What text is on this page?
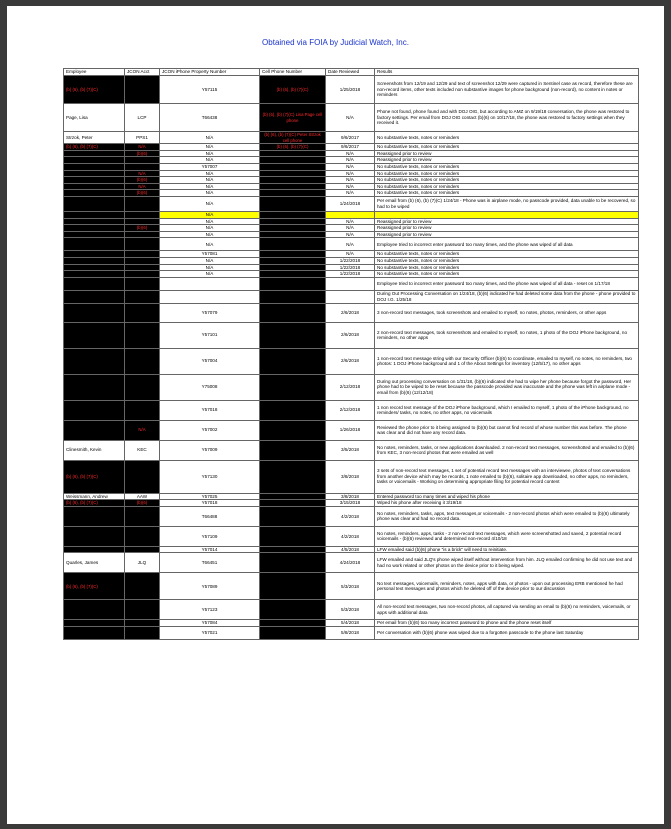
Obtained via FOIA by Judicial Watch, Inc.
Employee	JCON Acct	JCON iPhone Property Number	Cell Phone Number	Date Reviewed	Results
(b) (6), (b) (7)(C)		Y57115	(b) (6), (b) (7)(C)	1/25/2018	Screenshots from 12/19 and 12/29 and text of screenshot 12/29 were captured in Sentinel case as record, therefore these are non-record items, other texts included non substantive images for phone background (non-record), no content in notes or reminders
Page, Lisa	LCP	T66438	(b) (6), (b) (7)(C) Lisa Page cell phone	N/A	Phone not found, phone found and with DOJ OIG, but according to AMZ on 9/19/18 conversation, the phone was restored to factory settings. Per email from DOJ OIG contact (b)(6) on 10/17/18, the phone was restored to factory settings when they received it.
Strzok, Peter	PPS1	N/A	(b) (6), (b) (7)(C) Peter Strzok cell phone	9/6/2017	No substantive texts, notes or reminders
(b) (6), (b) (7)(C)	N/A	N/A	(b) (6), (b) (7)(C)	9/6/2017	No substantive texts, notes or reminders
	(b)(6)	N/A		N/A	Reassigned prior to review
		N/A		N/A	Reassigned prior to review
		Y57007		N/A	No substantive texts, notes or reminders
	N/A	N/A		N/A	No substantive texts, notes or reminders
	(b)(6)	N/A		N/A	No substantive texts, notes or reminders
	N/A	N/A		N/A	No substantive texts, notes or reminders
	(b)(6)	N/A		N/A	No substantive texts, notes or reminders
		N/A		1/24/2018	Per email from (b) (6), (b) (7)(C) 1/24/18 - Phone was in airplane mode, no passcode provided, data unable to be recovered, so had to be wiped
		N/A			
		N/A		N/A	Reassigned prior to review
	(b)(6)	N/A		N/A	Reassigned prior to review
		N/A		N/A	Reassigned prior to review
		N/A		N/A	Employee tried to incorrect enter password too many times, and the phone was wiped of all data
		Y57081		N/A	No substantive texts, notes or reminders
		N/A		1/22/2018	No substantive texts, notes or reminders
		N/A		1/22/2018	No substantive texts, notes or reminders
		N/A		1/22/2018	No substantive texts, notes or reminders
					Employee tried to incorrect enter password too many times, and the phone was wiped of all data - reset on 1/17/18
					During Out Processing Conversation on 1/24/18, (b)(6) indicated he had deleted some data from the phone - phone provided to DOJ I.G. 1/25/18
		Y57079		2/6/2018	3 non-record text messages, took screenshots and emailed to myself, no notes, photos, reminders, or other apps
		Y57101		2/6/2018	2 non-record text messages, took screenshots and emailed to myself, no notes, 1 photo of the DOJ iPhone background, no reminders, no other apps
		Y57004		2/6/2018	1 non-record text message string with our Security Officer (b)(6) to coordinate, emailed to myself, no notes, no reminders, two photos: 1 DOJ iPhone background and 1 of the About Settings for inventory (12/5/17), no other apps
		Y75008		2/12/2018	During out processing conversation on 1/31/18, (b)(6) indicated she had to wipe her phone because forgot the password, Her phone had to be wiped to be reset because the passcode provided was inaccurate and the phone was left in airplane mode - email from (b)(6) (12/12/18)
		Y57018		2/12/2018	1 non record text message of the DOJ iPhone background, which I emailed to myself, 1 photo of the iPhone background, no reminders/ tasks, no notes, no other apps, no voicemails
	N/A	Y57002		1/26/2018	Reviewed the phone prior to it being assigned to (b)(6) but cannot find record of whose number this was before. The phone was clear and did not have any record data.
Clinesmith, Kevin	KEC	Y57009		3/5/2018	No notes, reminders, tasks, or new applications downloaded. 2 non-record text messages, screenshotted and emailed to (b)(6) from KEC, 3 non-record photos that were emailed as well
(b) (6), (b) (7)(C)		Y57130		3/8/2018	3 sets of non-record text messages, 1 set of potential record text messages with an interviewee, photos of text conversations from another device which may be records, 1 note emailed to (b)(6), solitaire app downloaded, no other apps, no reminders, tasks or voicemails - Working on determining appropriate filing for potential record content
Weissmann, Andrew	AAW	Y57025		3/8/2018	Entered password too many times and wiped his phone
(b) (6), (b) (7)(C)	(b)(6)	Y57018		3/15/2018	Wiped his phone after receiving it 3/19/18
		T66488		4/2/2018	No notes, reminders, tasks, apps, text messages,or voicemails - 2 non-record photos which were emailed to (b)(6) ultimately phone was clear and had no record data.
		Y57109		4/2/2018	No notes, reminders, apps, tasks - 2 non-record text messages, which were screenshotted and saved, 2 potential record voicemails - (b)(6) reviewed and determined non-record 4/10/18
		Y57014		4/5/2018	LFW emailed said (b)(6) phone "is a brick" will need to reinitiate.
Quarles, James	JLQ	T66451		4/24/2018	LFW emailed and said JLQ's phone wiped itself without intervention from him. JLQ emailed confirming he did not use text and had no work related or other photos on the device prior to it being wiped.
(b) (6), (b) (7)(C)		Y57089		5/3/2018	No text messages, voicemails, reminders, notes, apps with data, or photos - upon out processing ERB mentioned he had personal text messages and photos which he deleted off of the device prior to our discussion
		Y57123		5/3/2018	All non-record text messages, two non-record photos, all captured via sending an email to (b)(6) no reminders, voicemails, or apps with additional data
		Y57084		5/4/2018	Per email from (b)(6) too many incorrect password to phone and the phone reset itself
		Y57021		5/8/2018	Per conversation with (b)(6) phone was wiped due to a forgotten passcode to the phone last Saturday
